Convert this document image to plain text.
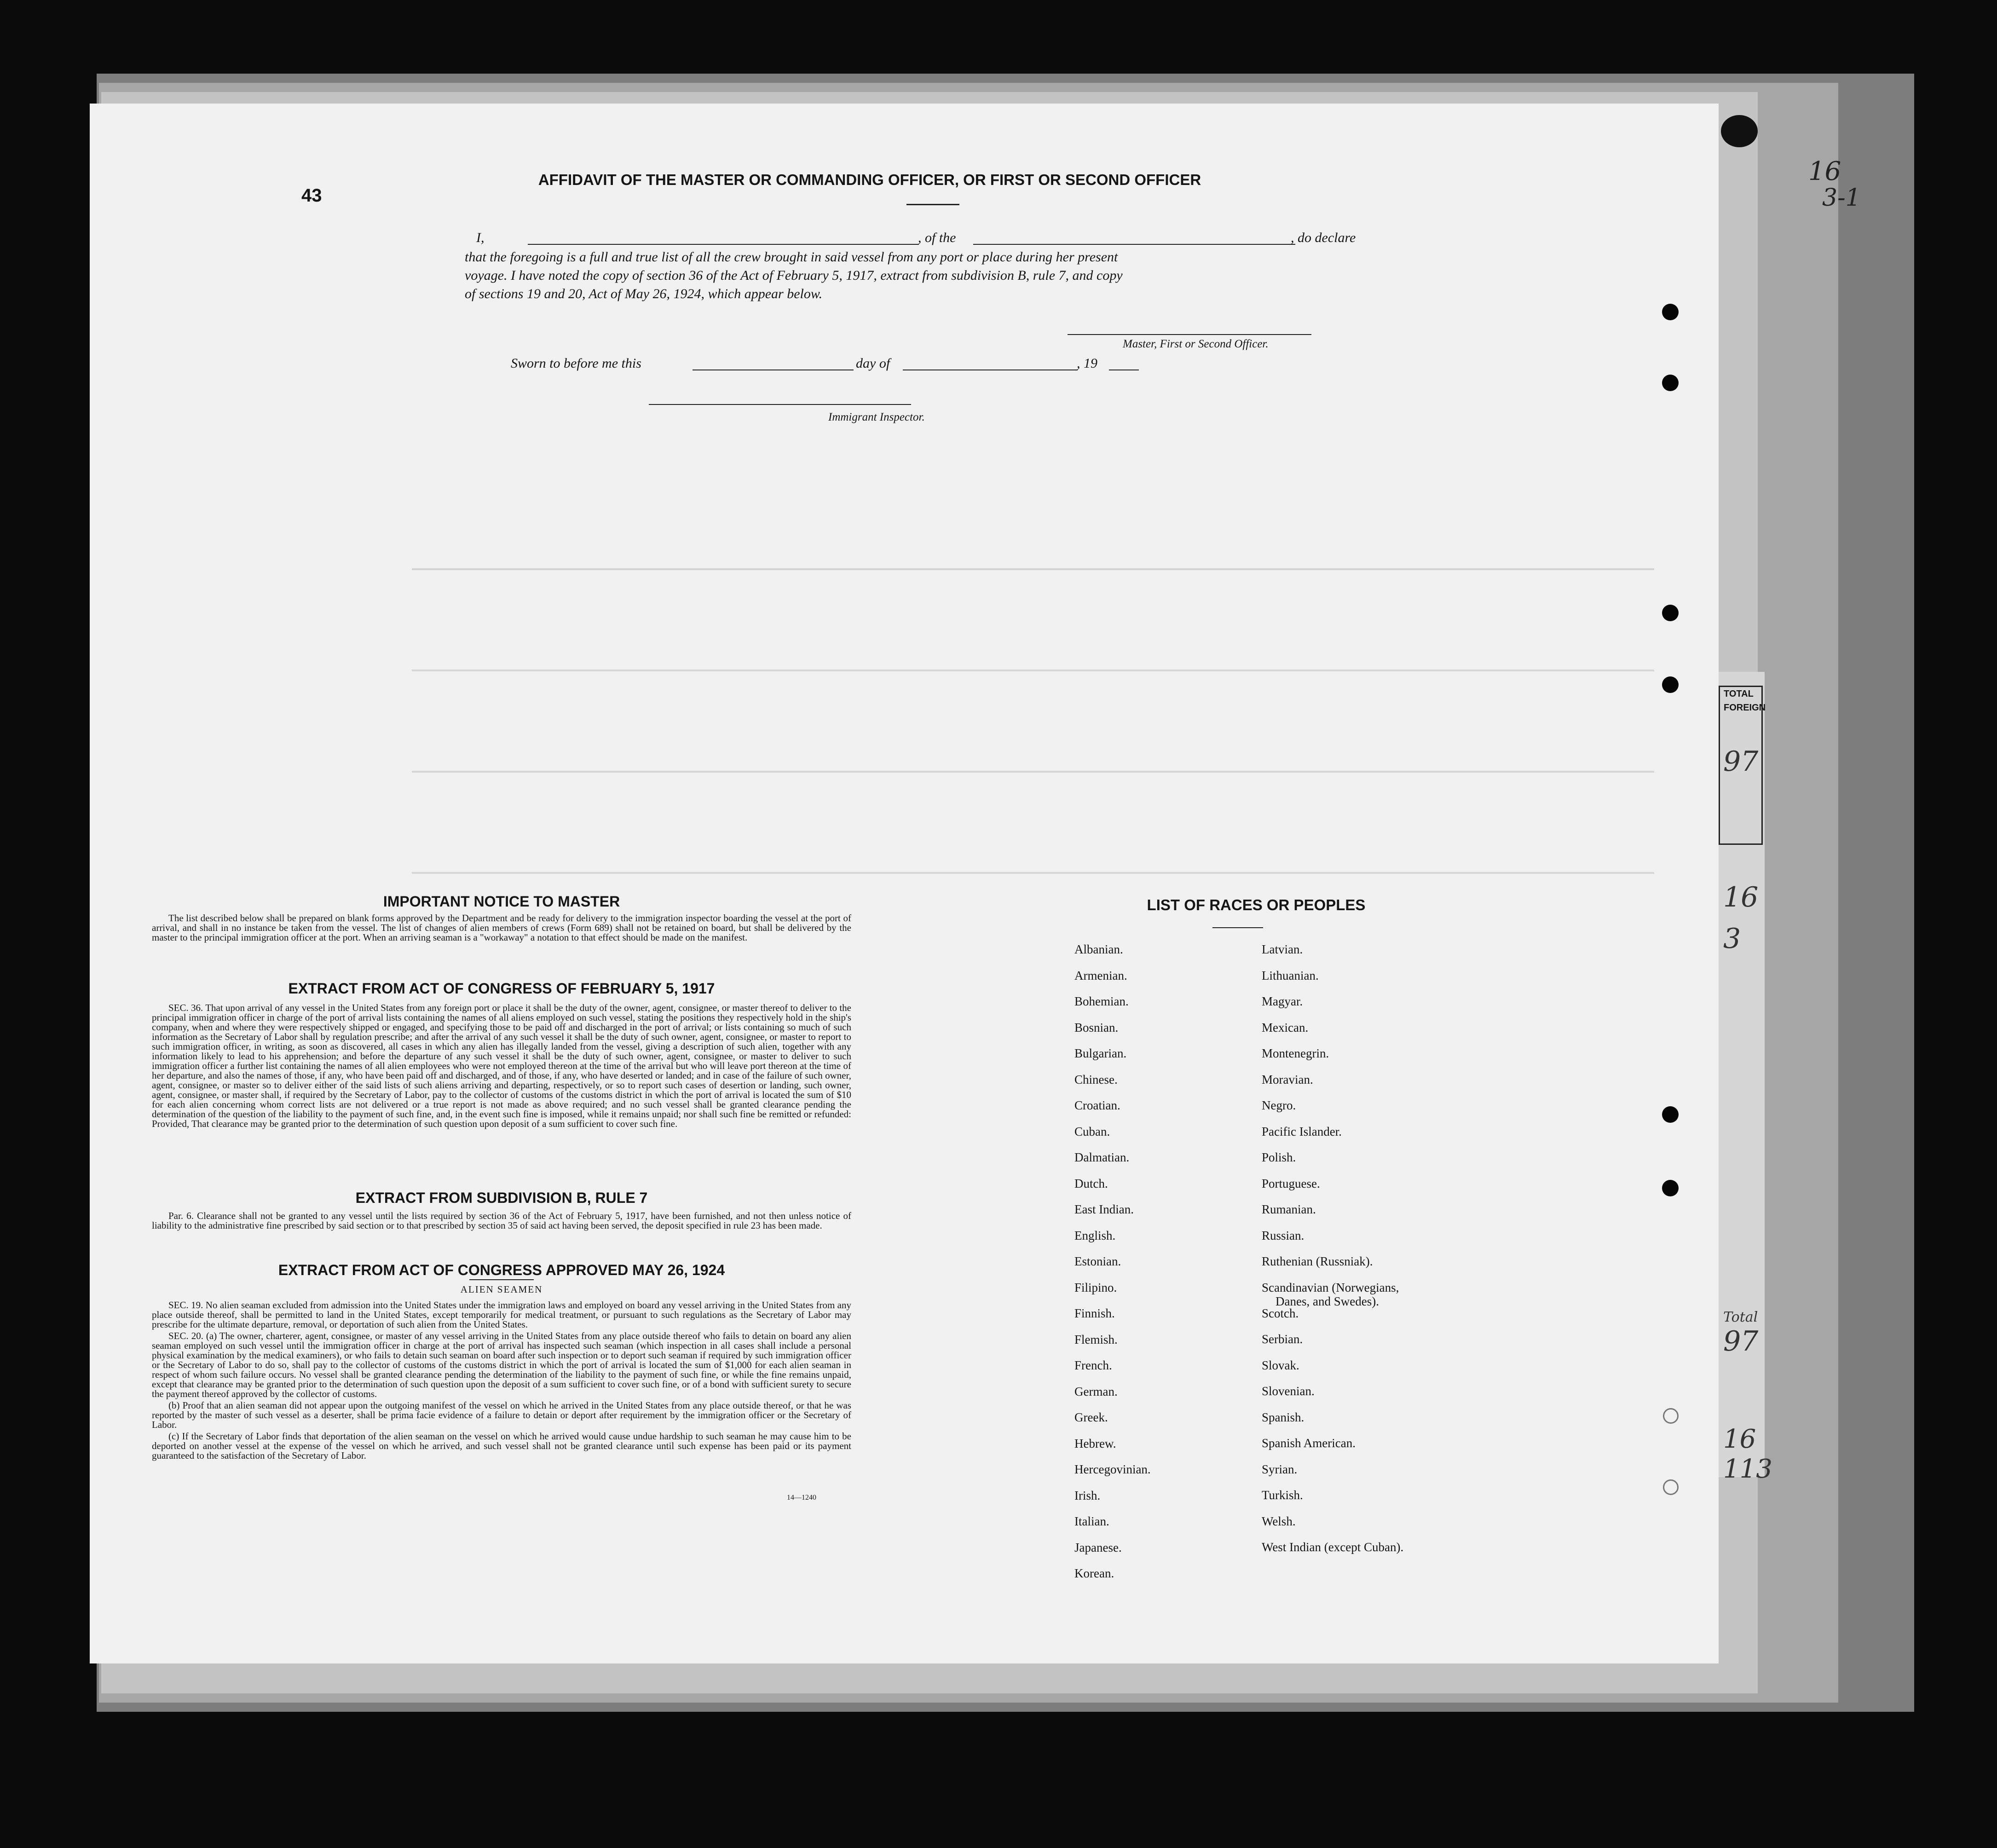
TOTAL
FOREIGN
97
16
3
Total
97
16
113
16
3-1
43
AFFIDAVIT OF THE MASTER OR COMMANDING OFFICER, OR FIRST OR SECOND OFFICER
I,	, of the	, do declare
that the foregoing is a full and true list of all the crew brought in said vessel from any port or place during her present
voyage. I have noted the copy of section 36 of the Act of February 5, 1917, extract from subdivision B, rule 7, and copy
of sections 19 and 20, Act of May 26, 1924, which appear below.
Master, First or Second Officer.
Sworn to before me this	day of	, 19
Immigrant Inspector.
IMPORTANT NOTICE TO MASTER

The list described below shall be prepared on blank forms approved by the Department and be ready for delivery to the immigration inspector boarding the vessel at the port of arrival, and shall in no instance be taken from the vessel. The list of changes of alien members of crews (Form 689) shall not be retained on board, but shall be delivered by the master to the principal immigration officer at the port. When an arriving seaman is a "workaway" a notation to that effect should be made on the manifest.

EXTRACT FROM ACT OF CONGRESS OF FEBRUARY 5, 1917

SEC. 36. That upon arrival of any vessel in the United States from any foreign port or place it shall be the duty of the owner, agent, consignee, or master thereof to deliver to the principal immigration officer in charge of the port of arrival lists containing the names of all aliens employed on such vessel, stating the positions they respectively hold in the ship's company, when and where they were respectively shipped or engaged, and specifying those to be paid off and discharged in the port of arrival; or lists containing so much of such information as the Secretary of Labor shall by regulation prescribe; and after the arrival of any such vessel it shall be the duty of such owner, agent, consignee, or master to report to such immigration officer, in writing, as soon as discovered, all cases in which any alien has illegally landed from the vessel, giving a description of such alien, together with any information likely to lead to his apprehension; and before the departure of any such vessel it shall be the duty of such owner, agent, consignee, or master to deliver to such immigration officer a further list containing the names of all alien employees who were not employed thereon at the time of the arrival but who will leave port thereon at the time of her departure, and also the names of those, if any, who have been paid off and discharged, and of those, if any, who have deserted or landed; and in case of the failure of such owner, agent, consignee, or master so to deliver either of the said lists of such aliens arriving and departing, respectively, or so to report such cases of desertion or landing, such owner, agent, consignee, or master shall, if required by the Secretary of Labor, pay to the collector of customs of the customs district in which the port of arrival is located the sum of $10 for each alien concerning whom correct lists are not delivered or a true report is not made as above required; and no such vessel shall be granted clearance pending the determination of the question of the liability to the payment of such fine, and, in the event such fine is imposed, while it remains unpaid; nor shall such fine be remitted or refunded: Provided, That clearance may be granted prior to the determination of such question upon deposit of a sum sufficient to cover such fine.

EXTRACT FROM SUBDIVISION B, RULE 7

Par. 6. Clearance shall not be granted to any vessel until the lists required by section 36 of the Act of February 5, 1917, have been furnished, and not then unless notice of liability to the administrative fine prescribed by said section or to that prescribed by section 35 of said act having been served, the deposit specified in rule 23 has been made.

EXTRACT FROM ACT OF CONGRESS APPROVED MAY 26, 1924
ALIEN SEAMEN

SEC. 19. No alien seaman excluded from admission into the United States under the immigration laws and employed on board any vessel arriving in the United States from any place outside thereof, shall be permitted to land in the United States, except temporarily for medical treatment, or pursuant to such regulations as the Secretary of Labor may prescribe for the ultimate departure, removal, or deportation of such alien from the United States.

SEC. 20. (a) The owner, charterer, agent, consignee, or master of any vessel arriving in the United States from any place outside thereof who fails to detain on board any alien seaman employed on such vessel until the immigration officer in charge at the port of arrival has inspected such seaman (which inspection in all cases shall include a personal physical examination by the medical examiners), or who fails to detain such seaman on board after such inspection or to deport such seaman if required by such immigration officer or the Secretary of Labor to do so, shall pay to the collector of customs of the customs district in which the port of arrival is located the sum of $1,000 for each alien seaman in respect of whom such failure occurs. No vessel shall be granted clearance pending the determination of the liability to the payment of such fine, or while the fine remains unpaid, except that clearance may be granted prior to the determination of such question upon the deposit of a sum sufficient to cover such fine, or of a bond with sufficient surety to secure the payment thereof approved by the collector of customs.

(b) Proof that an alien seaman did not appear upon the outgoing manifest of the vessel on which he arrived in the United States from any place outside thereof, or that he was reported by the master of such vessel as a deserter, shall be prima facie evidence of a failure to detain or deport after requirement by the immigration officer or the Secretary of Labor.

(c) If the Secretary of Labor finds that deportation of the alien seaman on the vessel on which he arrived would cause undue hardship to such seaman he may cause him to be deported on another vessel at the expense of the vessel on which he arrived, and such vessel shall not be granted clearance until such expense has been paid or its payment guaranteed to the satisfaction of the Secretary of Labor.

14—1240
LIST OF RACES OR PEOPLES
Albanian.
Armenian.
Bohemian.
Bosnian.
Bulgarian.
Chinese.
Croatian.
Cuban.
Dalmatian.
Dutch.
East Indian.
English.
Estonian.
Filipino.
Finnish.
Flemish.
French.
German.
Greek.
Hebrew.
Hercegovinian.
Irish.
Italian.
Japanese.
Korean.
Latvian.
Lithuanian.
Magyar.
Mexican.
Montenegrin.
Moravian.
Negro.
Pacific Islander.
Polish.
Portuguese.
Rumanian.
Russian.
Ruthenian (Russniak).
Scandinavian (Norwegians,
Danes, and Swedes).
Scotch.
Serbian.
Slovak.
Slovenian.
Spanish.
Spanish American.
Syrian.
Turkish.
Welsh.
West Indian (except Cuban).
